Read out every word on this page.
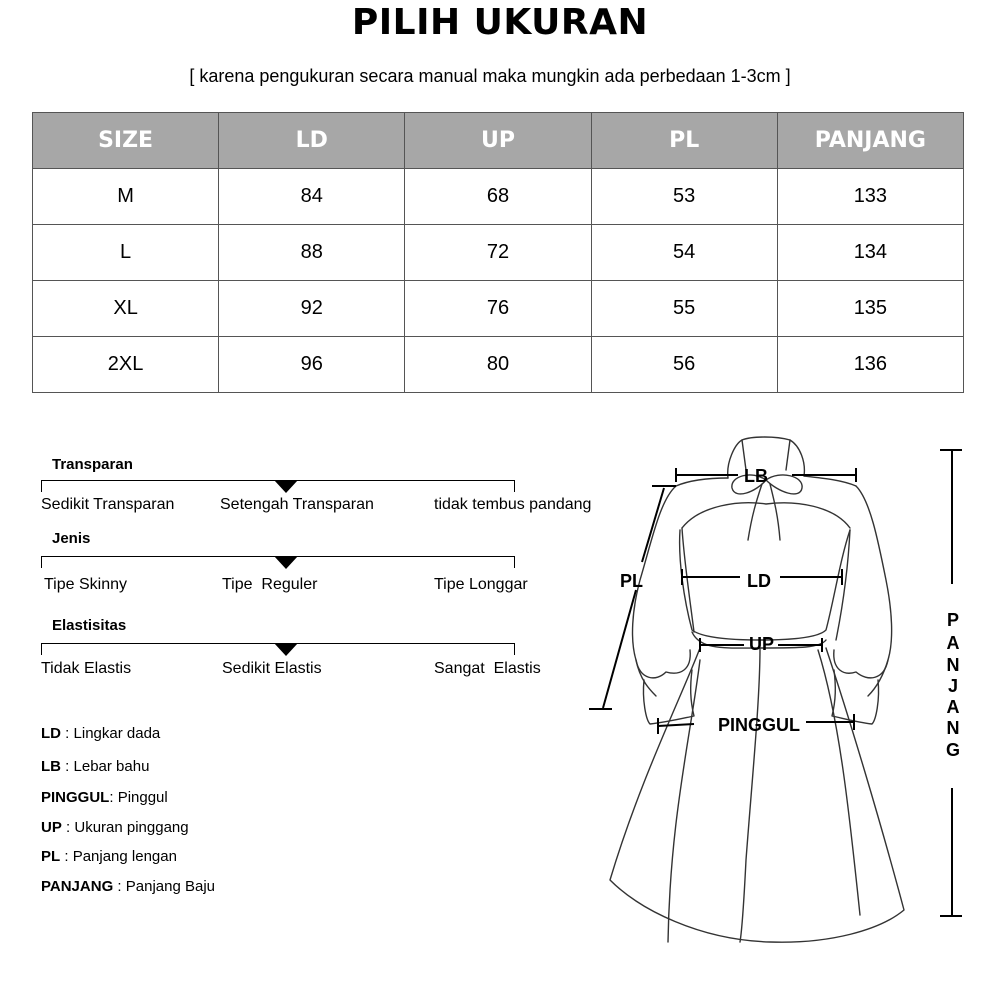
PILIH UKURAN
[ karena pengukuran secara manual maka mungkin ada perbedaan 1-3cm ]
SIZE	LD	UP	PL	PANJANG
M	84	68	53	133
L	88	72	54	134
XL	92	76	55	135
2XL	96	80	56	136
Transparan
Sedikit Transparan	Setengah Transparan	tidak tembus pandang
Jenis
Tipe Skinny	Tipe  Reguler	Tipe Longgar
Elastisitas
Tidak Elastis	Sedikit Elastis	Sangat  Elastis
LD : Lingkar dada
LB : Lebar bahu
PINGGUL: Pinggul
UP : Ukuran pinggang
PL : Panjang lengan
PANJANG : Panjang Baju
LB
LD
UP
PINGGUL
PL
P
A
N
J
A
N
G
